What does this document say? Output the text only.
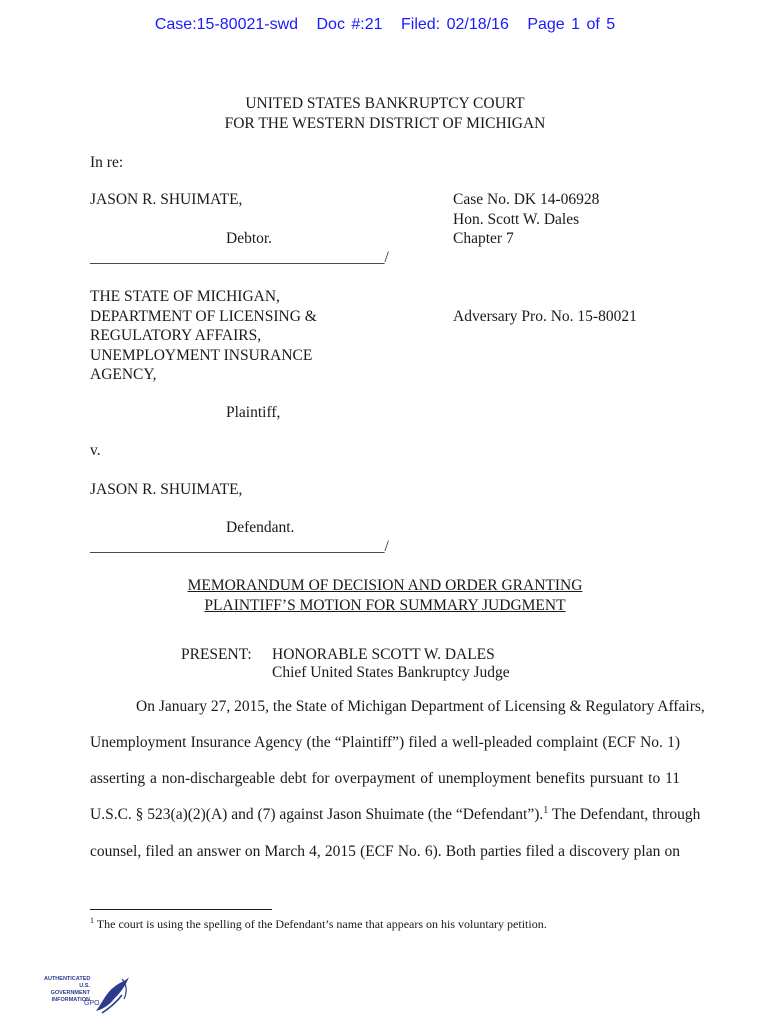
Case:15-80021-swd Doc #:21 Filed: 02/18/16 Page 1 of 5
UNITED STATES BANKRUPTCY COURT
FOR THE WESTERN DISTRICT OF MICHIGAN
In re:
JASON R. SHUIMATE,
Debtor.
______________________________________/
Case No. DK 14-06928
Hon. Scott W. Dales
Chapter 7
THE STATE OF MICHIGAN,
DEPARTMENT OF LICENSING &
REGULATORY AFFAIRS,
UNEMPLOYMENT INSURANCE
AGENCY,
Adversary Pro. No. 15-80021
Plaintiff,
v.
JASON R. SHUIMATE,
Defendant.
______________________________________/
MEMORANDUM OF DECISION AND ORDER GRANTING
PLAINTIFF’S MOTION FOR SUMMARY JUDGMENT
PRESENT: HONORABLE SCOTT W. DALES
Chief United States Bankruptcy Judge
On January 27, 2015, the State of Michigan Department of Licensing & Regulatory Affairs,
Unemployment Insurance Agency (the “Plaintiff”) filed a well-pleaded complaint (ECF No. 1)
asserting a non-dischargeable debt for overpayment of unemployment benefits pursuant to 11
U.S.C. § 523(a)(2)(A) and (7) against Jason Shuimate (the “Defendant”).$^1$ The Defendant, through
counsel, filed an answer on March 4, 2015 (ECF No. 6). Both parties filed a discovery plan on
$^1$ The court is using the spelling of the Defendant’s name that appears on his voluntary petition.
AUTHENTICATED
U.S. GOVERNMENT
INFORMATION
GPO
